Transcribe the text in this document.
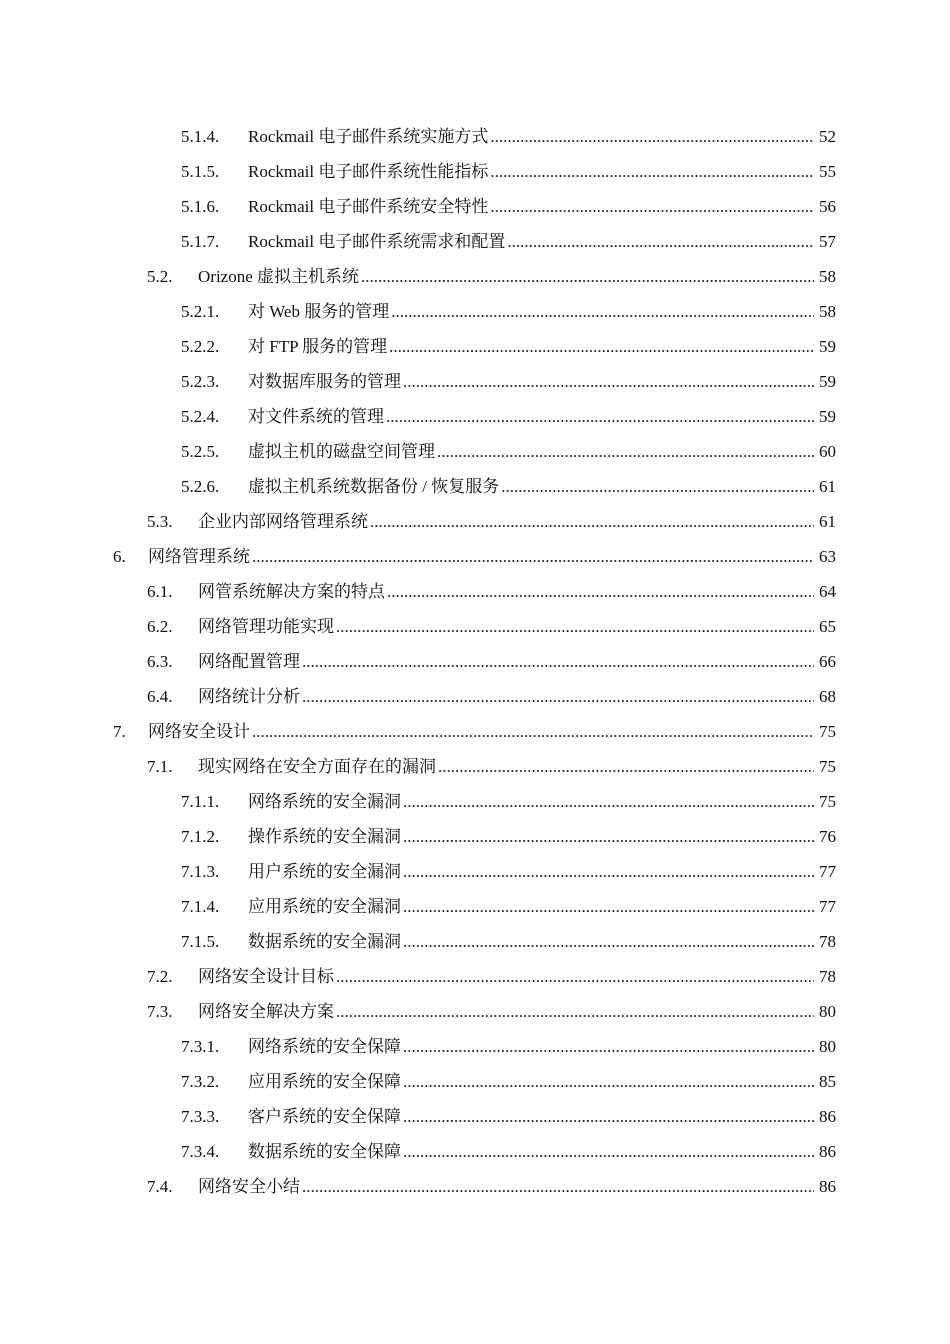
5.1.4.	Rockmail 电子邮件系统实施方式 .....	52
5.1.5.	Rockmail 电子邮件系统性能指标 .....	55
5.1.6.	Rockmail 电子邮件系统安全特性 .....	56
5.1.7.	Rockmail 电子邮件系统需求和配置 .....	57
5.2.	Orizone 虚拟主机系统 .....	58
5.2.1.	对 Web 服务的管理 .....	58
5.2.2.	对 FTP 服务的管理 .....	59
5.2.3.	对数据库服务的管理 .....	59
5.2.4.	对文件系统的管理 .....	59
5.2.5.	虚拟主机的磁盘空间管理 .....	60
5.2.6.	虚拟主机系统数据备份 / 恢复服务 .....	61
5.3.	企业内部网络管理系统 .....	61
6.	网络管理系统 .....	63
6.1.	网管系统解决方案的特点 .....	64
6.2.	网络管理功能实现 .....	65
6.3.	网络配置管理 .....	66
6.4.	网络统计分析 .....	68
7.	网络安全设计 .....	75
7.1.	现实网络在安全方面存在的漏洞 .....	75
7.1.1.	网络系统的安全漏洞 .....	75
7.1.2.	操作系统的安全漏洞 .....	76
7.1.3.	用户系统的安全漏洞 .....	77
7.1.4.	应用系统的安全漏洞 .....	77
7.1.5.	数据系统的安全漏洞 .....	78
7.2.	网络安全设计目标 .....	78
7.3.	网络安全解决方案 .....	80
7.3.1.	网络系统的安全保障 .....	80
7.3.2.	应用系统的安全保障 .....	85
7.3.3.	客户系统的安全保障 .....	86
7.3.4.	数据系统的安全保障 .....	86
7.4.	网络安全小结 .....	86
